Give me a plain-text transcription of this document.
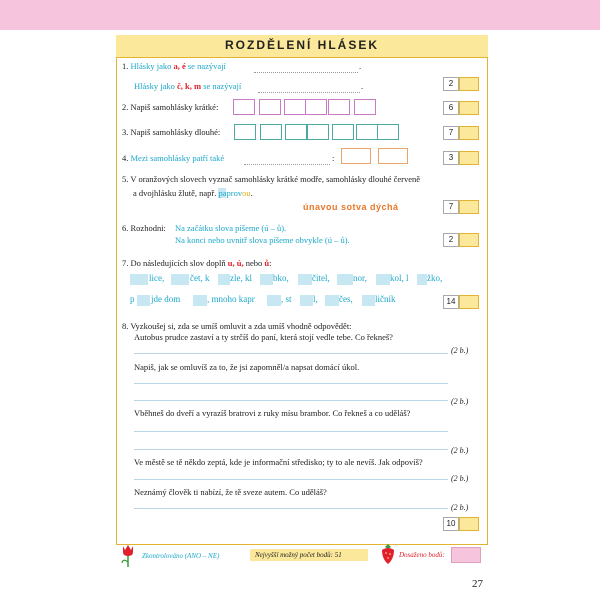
ROZDĚLENÍ HLÁSEK
1. Hlásky jako a, é se nazývají	.
Hlásky jako č, k, m se nazývají	.	2
2. Napiš samohlásky krátké:	6
3. Napiš samohlásky dlouhé:	7
4. Mezi samohlásky patří také	:	3
5. V oranžových slovech vyznač samohlásky krátké modře, samohlásky dlouhé červeně
a dvojhlásku žlutě, např. paprovou.
únavou sotva dýchá	7
6. Rozhodni: Na začátku slova píšeme (ú – ů).
Na konci nebo uvnitř slova píšeme obvykle (ú – ů).	2
7. Do následujících slov doplň u, ú, nebo ů:
lice,	čet, k zle, kl bko,	čitel,	nor,	kol, l žko,
p jde dom	, mnoho kapr	, st l, čes, ličník	14
8. Vyzkoušej si, zda se umíš omluvit a zda umíš vhodně odpovědět:
Autobus prudce zastaví a ty strčíš do paní, která stojí vedle tebe. Co řekneš?
(2 b.)
Napiš, jak se omluvíš za to, že jsi zapomněl/a napsat domácí úkol.
(2 b.)
Vběhneš do dveří a vyrazíš bratrovi z ruky mísu brambor. Co řekneš a co uděláš?
(2 b.)
Ve městě se tě někdo zeptá, kde je informační středisko; ty to ale nevíš. Jak odpovíš?
(2 b.)
Neznámý člověk ti nabízí, že tě sveze autem. Co uděláš?
(2 b.)
10
Zkontrolováno (ANO – NE)	Nejvyšší možný počet bodů: 51	Dosaženo bodů:
27
